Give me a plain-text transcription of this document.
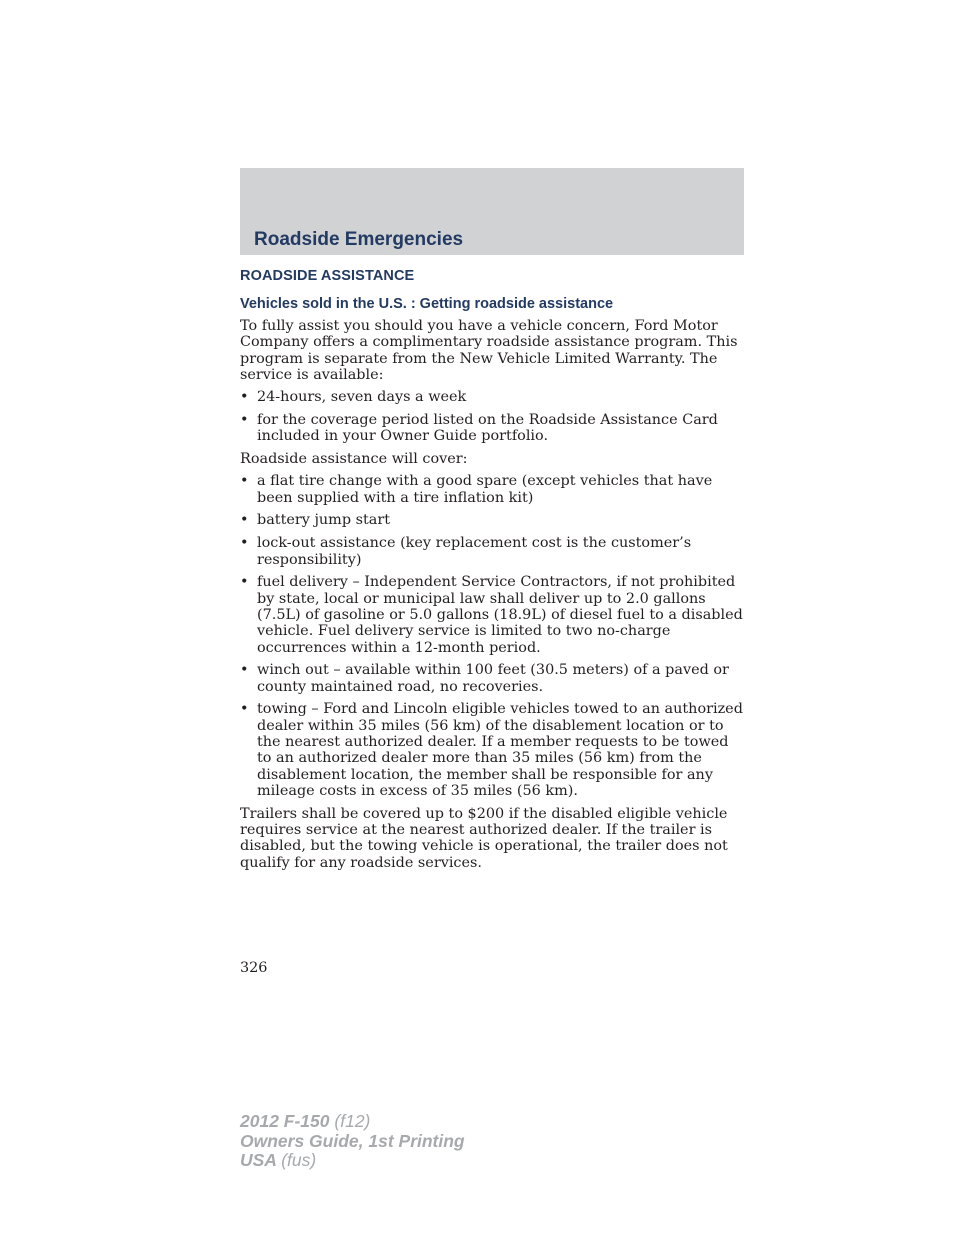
Roadside Emergencies
ROADSIDE ASSISTANCE
Vehicles sold in the U.S. : Getting roadside assistance

To fully assist you should you have a vehicle concern, Ford Motor Company offers a complimentary roadside assistance program. This program is separate from the New Vehicle Limited Warranty. The service is available:

• 24-hours, seven days a week
• for the coverage period listed on the Roadside Assistance Card included in your Owner Guide portfolio.

Roadside assistance will cover:

• a flat tire change with a good spare (except vehicles that have been supplied with a tire inflation kit)
• battery jump start
• lock-out assistance (key replacement cost is the customer’s responsibility)
• fuel delivery – Independent Service Contractors, if not prohibited by state, local or municipal law shall deliver up to 2.0 gallons (7.5L) of gasoline or 5.0 gallons (18.9L) of diesel fuel to a disabled vehicle. Fuel delivery service is limited to two no-charge occurrences within a 12-month period.
• winch out – available within 100 feet (30.5 meters) of a paved or county maintained road, no recoveries.
• towing – Ford and Lincoln eligible vehicles towed to an authorized dealer within 35 miles (56 km) of the disablement location or to the nearest authorized dealer. If a member requests to be towed to an authorized dealer more than 35 miles (56 km) from the disablement location, the member shall be responsible for any mileage costs in excess of 35 miles (56 km).

Trailers shall be covered up to $200 if the disabled eligible vehicle requires service at the nearest authorized dealer. If the trailer is disabled, but the towing vehicle is operational, the trailer does not qualify for any roadside services.

326
2012 F-150 (f12)
Owners Guide, 1st Printing
USA (fus)
